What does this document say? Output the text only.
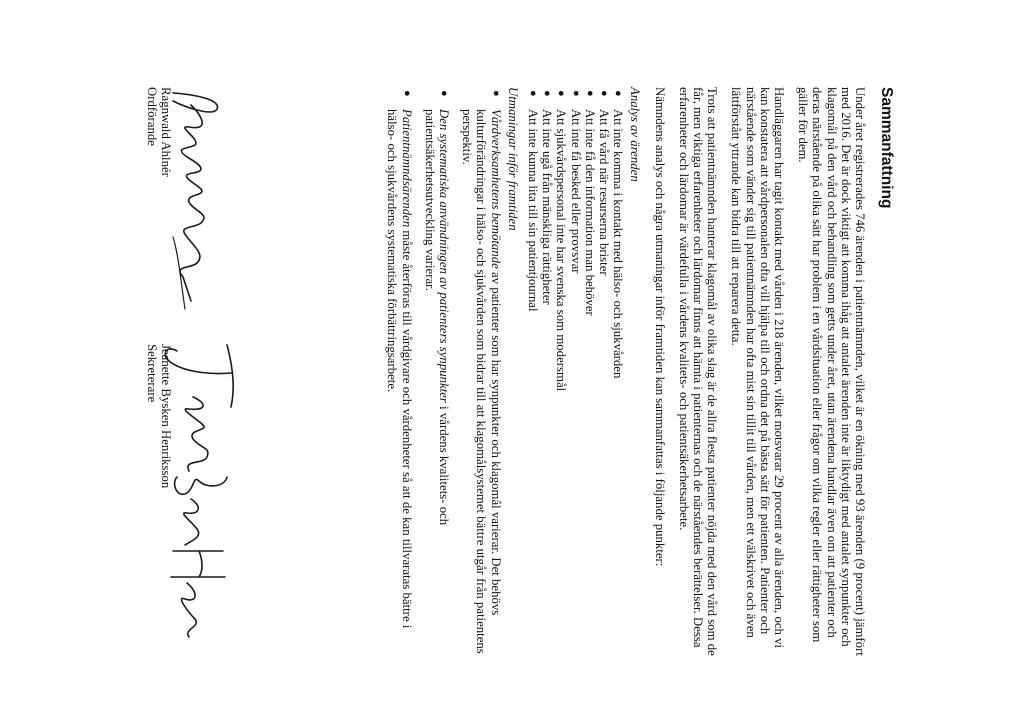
Sammanfattning

Under året registrerades 746 ärenden i patientnämnden, vilket är en ökning med 93 ärenden (9 procent) jämfört med 2016. Det är dock viktigt att komma ihåg att antalet ärenden inte är liktydigt med antalet synpunkter och klagomål på den vård och behandling som getts under året, utan ärendena handlar även om att patienter och deras närstående på olika sätt har problem i en vårdsituation eller frågor om vilka regler eller rättigheter som gäller för dem.

Handläggaren har tagit kontakt med vården i 218 ärenden, vilket motsvarar 29 procent av alla ärenden, och vi kan konstatera att vårdpersonalen ofta vill hjälpa till och ordna det på bästa sätt för patienten. Patienter och närstående som vänder sig till patientnämnden har ofta mist sin tillit till vården, men ett välskrivet och även lättförstått yttrande kan bidra till att reparera detta.

Trots att patientnämnden hanterar klagomål av olika slag är de allra flesta patienter nöjda med den vård som de får, men viktiga erfarenheter och lärdomar finns att hämta i patienternas och de närståendes berättelser. Dessa erfarenheter och lärdomar är värdefulla i vårdens kvalitets- och patientsäkerhetsarbete.

Nämndens analys och några utmaningar inför framtiden kan sammanfattas i följande punkter:

Analys av ärenden
●
Att inte komma i kontakt med hälso- och sjukvården
●
Att få vård när resurserna brister
●
Att inte få den information man behöver
●
Att inte få besked eller provsvar
●
Att sjukvårdspersonal inte har svenska som modersmål
●
Att inte ugå från mänskliga rättigheter
●
Att inte kunna lita till sin patientjournal
Utmaningar inför framtiden
●
Vårdverksamhetens bemötande av patienter som har synpunkter och klagomål varierar. Det behövs kulturförändringar i hälso- och sjukvården som bidrar till att klagomålsystemet bättre utgår från patientens perspektiv.
●
Den systematiska användningen av patienters synpunkter i vårdens kvalitets- och patientsäkerhetsutveckling varierar.
●
Patientnämndsärenden måste återföras till vårdgivare och vårdenheter så att de kan tillvaratas bättre i hälso- och sjukvårdens systematiska förbättringsarbete.
Ragnwald Ahlnér
Ordförande
Jeanette Bysken Henriksson
Sekreterare
